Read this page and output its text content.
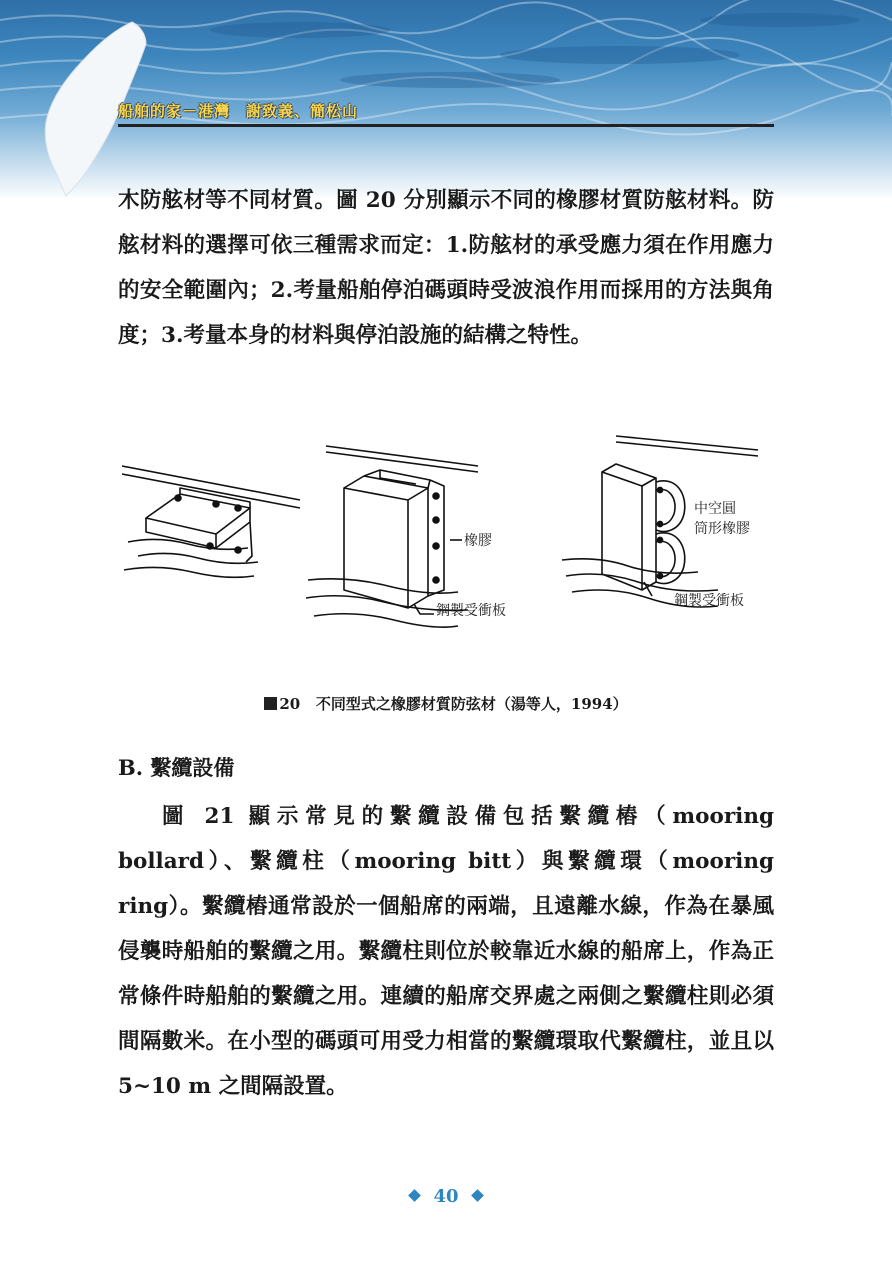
船舶的家－港灣　謝致義、簡松山
木防舷材等不同材質。圖 20 分別顯示不同的橡膠材質防舷材料。防舷材料的選擇可依三種需求而定：1.防舷材的承受應力須在作用應力的安全範圍內；2.考量船舶停泊碼頭時受波浪作用而採用的方法與角度；3.考量本身的材料與停泊設施的結構之特性。
橡膠
鋼製受衝板
中空圓
筒形橡膠
鋼製受衝板
20 不同型式之橡膠材質防弦材（湯等人，1994）
B. 繫纜設備
圖 21 顯示常見的繫纜設備包括繫纜樁（mooring bollard）、繫纜柱（mooring bitt）與繫纜環（mooring ring）。繫纜樁通常設於一個船席的兩端，且遠離水線，作為在暴風侵襲時船舶的繫纜之用。繫纜柱則位於較靠近水線的船席上，作為正常條件時船舶的繫纜之用。連續的船席交界處之兩側之繫纜柱則必須間隔數米。在小型的碼頭可用受力相當的繫纜環取代繫纜柱，並且以 5~10 m 之間隔設置。
40
